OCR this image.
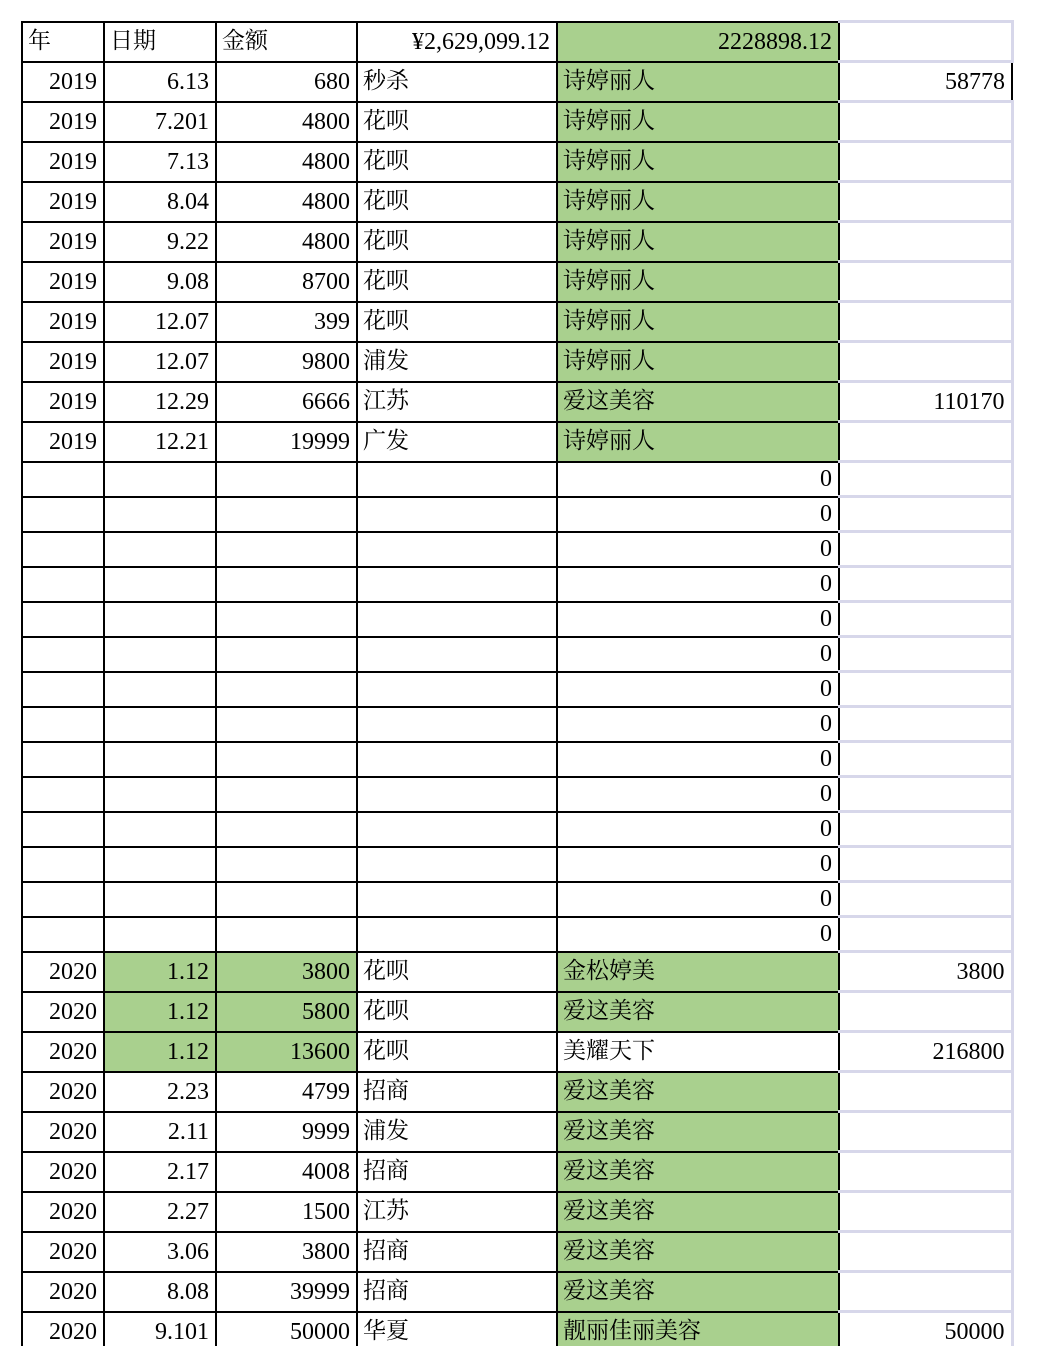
年	日期	金额	¥2,629,099.12	2228898.12	
2019	6.13	680	秒杀	诗婷丽人	58778
2019	7.201	4800	花呗	诗婷丽人	
2019	7.13	4800	花呗	诗婷丽人	
2019	8.04	4800	花呗	诗婷丽人	
2019	9.22	4800	花呗	诗婷丽人	
2019	9.08	8700	花呗	诗婷丽人	
2019	12.07	399	花呗	诗婷丽人	
2019	12.07	9800	浦发	诗婷丽人	
2019	12.29	6666	江苏	爱这美容	110170
2019	12.21	19999	广发	诗婷丽人	
				0	
				0	
				0	
				0	
				0	
				0	
				0	
				0	
				0	
				0	
				0	
				0	
				0	
				0	
2020	1.12	3800	花呗	金松婷美	3800
2020	1.12	5800	花呗	爱这美容	
2020	1.12	13600	花呗	美耀天下	216800
2020	2.23	4799	招商	爱这美容	
2020	2.11	9999	浦发	爱这美容	
2020	2.17	4008	招商	爱这美容	
2020	2.27	1500	江苏	爱这美容	
2020	3.06	3800	招商	爱这美容	
2020	8.08	39999	招商	爱这美容	
2020	9.101	50000	华夏	靓丽佳丽美容	50000
